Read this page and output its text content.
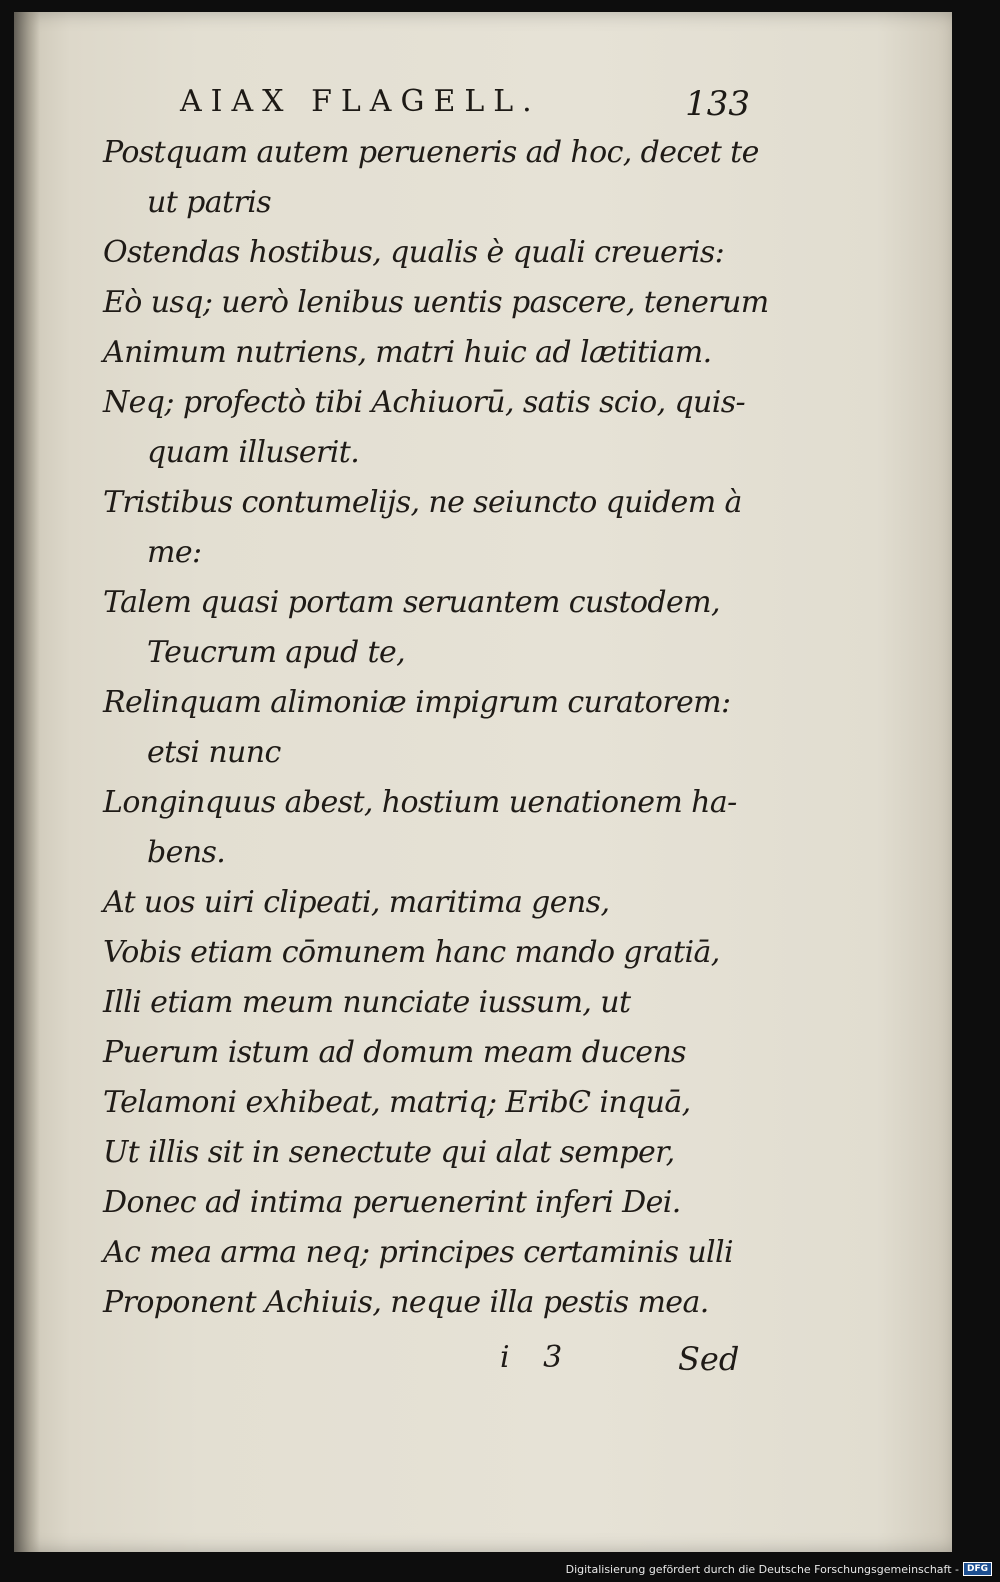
AIAX FLAGELL.	133
Postquam autem perueneris ad hoc, decet te
ut patris
Ostendas hostibus, qualis è quali creueris:
Eò usq; uerò lenibus uentis pascere, tenerum
Animum nutriens, matri huic ad lætitiam.
Neq; profectò tibi Achiuorū, satis scio, quis-
quam illuserit.
Tristibus contumelijs, ne seiuncto quidem à
me:
Talem quasi portam seruantem custodem,
Teucrum apud te,
Relinquam alimoniæ impigrum curatorem:
etsi nunc
Longinquus abest, hostium uenationem ha-
bens.
At uos uiri clipeati, maritima gens,
Vobis etiam cōmunem hanc mando gratiā,
Illi etiam meum nunciate iussum, ut
Puerum istum ad domum meam ducens
Telamoni exhibeat, matriq; EribϾ inquā,
Ut illis sit in senectute qui alat semper,
Donec ad intima peruenerint inferi Dei.
Ac mea arma neq; principes certaminis ulli
Proponent Achiuis, neque illa pestis mea.
i 3	Sed
Digitalisierung gefördert durch die Deutsche Forschungsgemeinschaft - DFG
